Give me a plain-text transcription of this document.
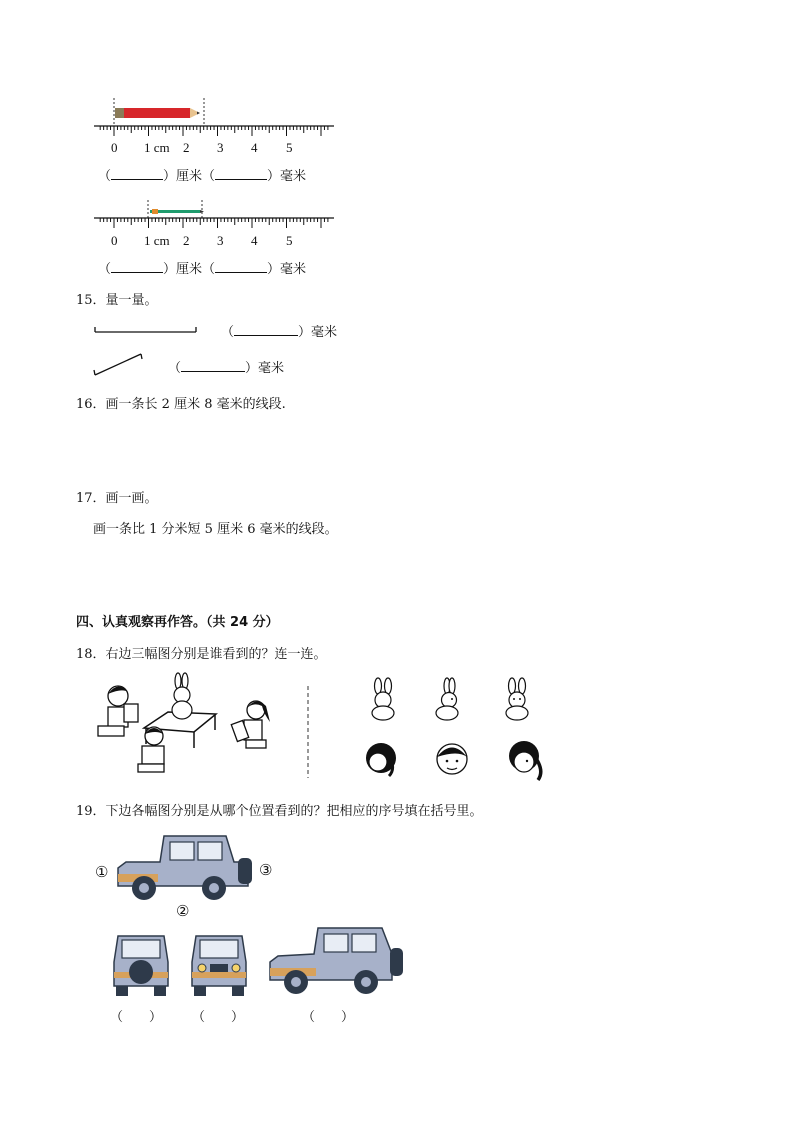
0 1 cm 2 3 4 5
（	）厘米（	）毫米
0 1 cm 2 3 4 5
（	）厘米（	）毫米
15．量一量。
（	）毫米
（	）毫米
16．画一条长 2 厘米 8 毫米的线段.
17．画一画。
画一条比 1 分米短 5 厘米 6 毫米的线段。
四、认真观察再作答。（共 24 分）
18．右边三幅图分别是谁看到的？连一连。
19．下边各幅图分别是从哪个位置看到的？把相应的序号填在括号里。
①
②
③
（　　） （　　）	（　　）
